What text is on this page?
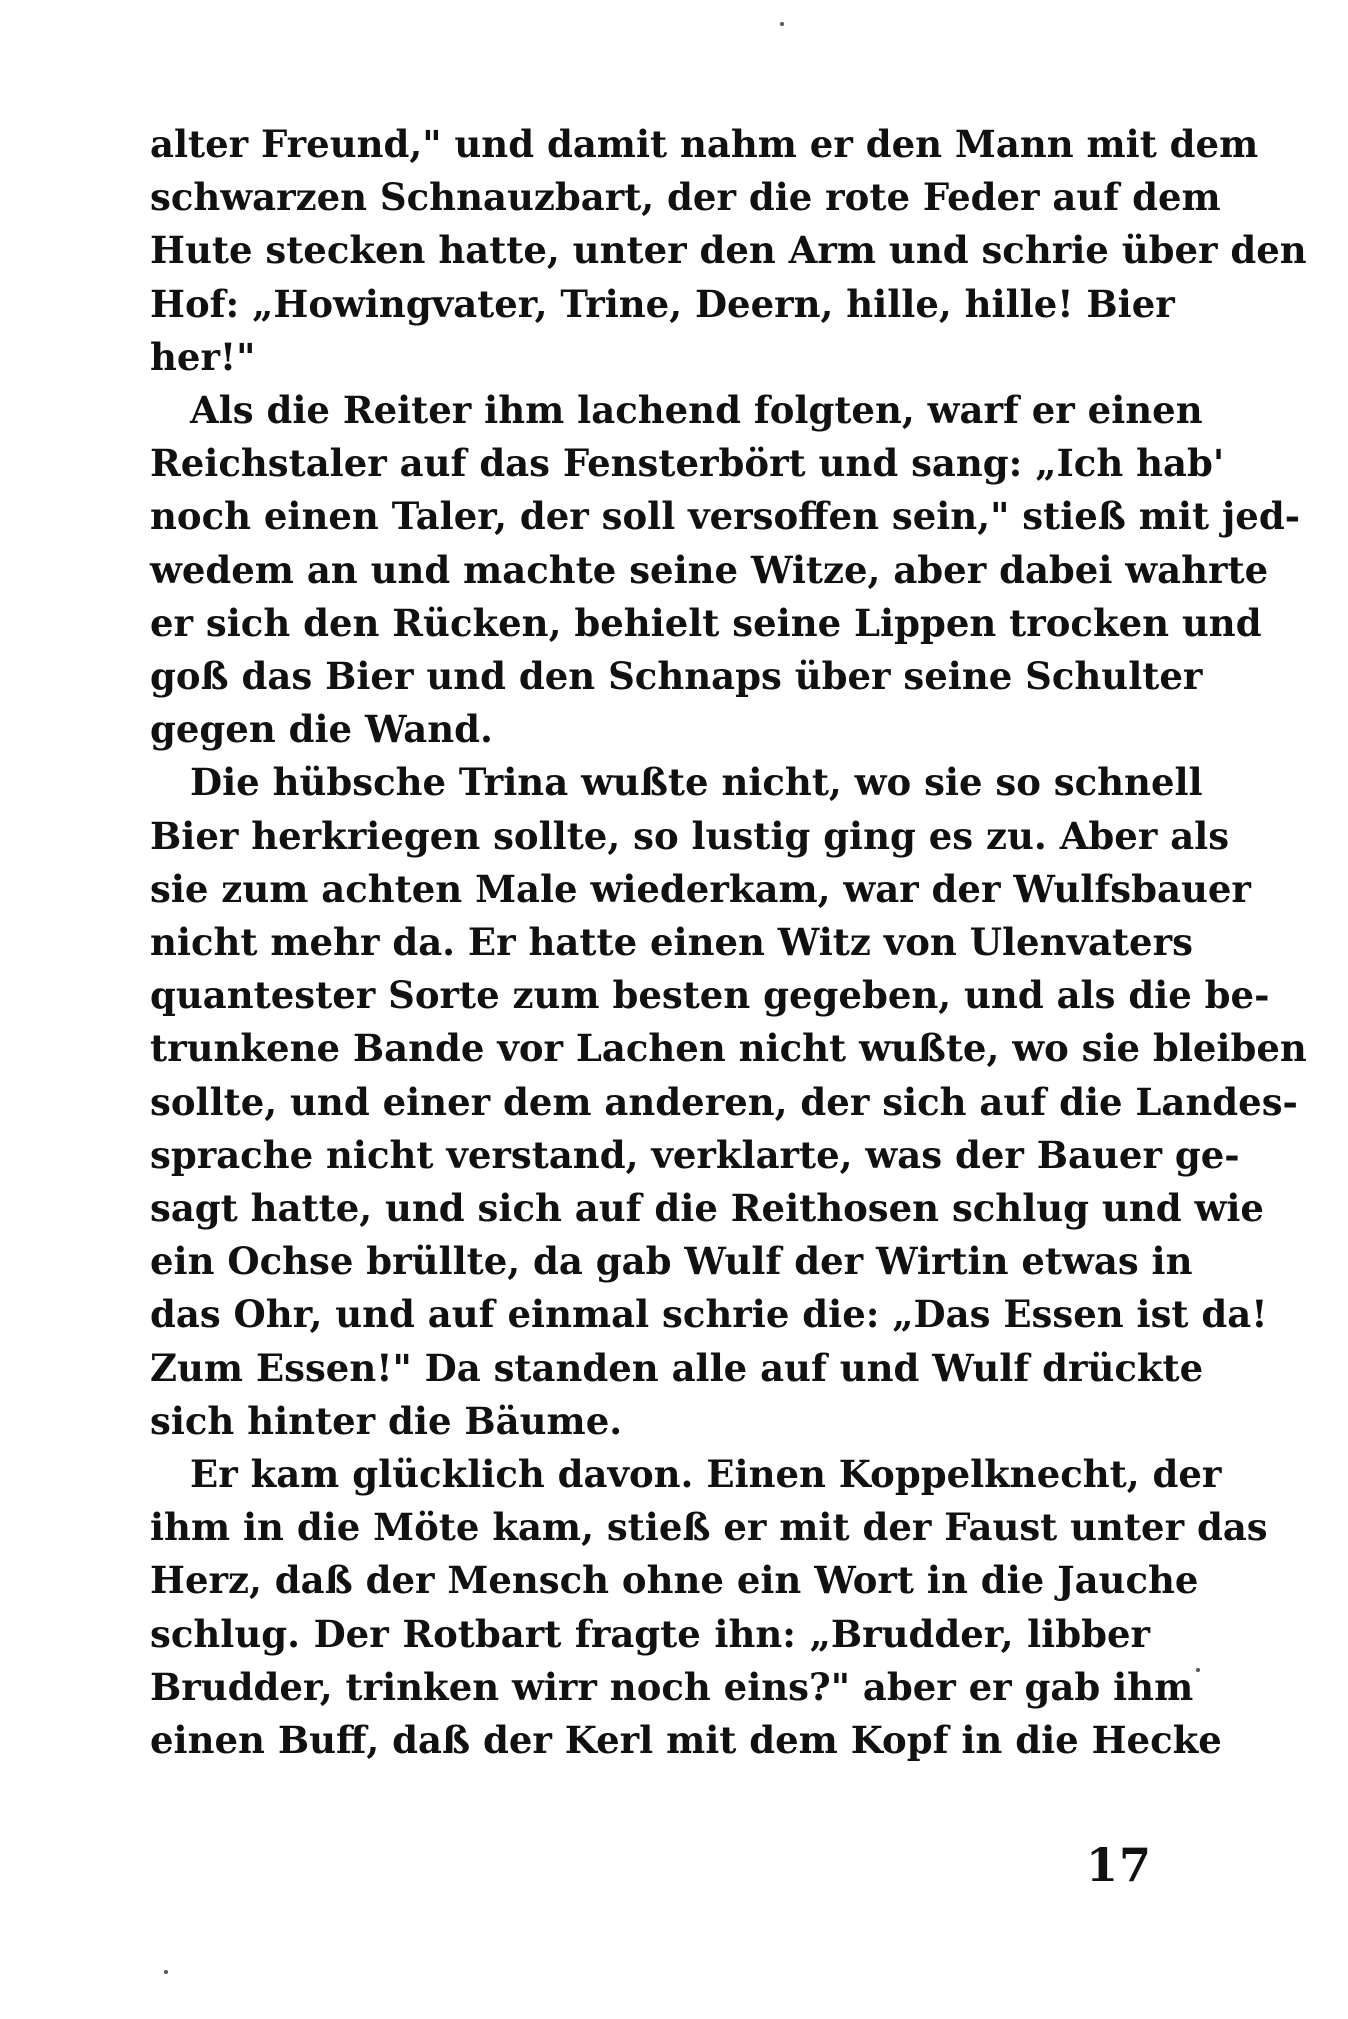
alter Freund," und damit nahm er den Mann mit dem
schwarzen Schnauzbart, der die rote Feder auf dem
Hute stecken hatte, unter den Arm und schrie über den
Hof: „Howingvater, Trine, Deern, hille, hille! Bier
her!"

Als die Reiter ihm lachend folgten, warf er einen
Reichstaler auf das Fensterbört und sang: „Ich hab'
noch einen Taler, der soll versoffen sein," stieß mit jed-
wedem an und machte seine Witze, aber dabei wahrte
er sich den Rücken, behielt seine Lippen trocken und
goß das Bier und den Schnaps über seine Schulter
gegen die Wand.

Die hübsche Trina wußte nicht, wo sie so schnell
Bier herkriegen sollte, so lustig ging es zu. Aber als
sie zum achten Male wiederkam, war der Wulfsbauer
nicht mehr da. Er hatte einen Witz von Ulenvaters
quantester Sorte zum besten gegeben, und als die be-
trunkene Bande vor Lachen nicht wußte, wo sie bleiben
sollte, und einer dem anderen, der sich auf die Landes-
sprache nicht verstand, verklarte, was der Bauer ge-
sagt hatte, und sich auf die Reithosen schlug und wie
ein Ochse brüllte, da gab Wulf der Wirtin etwas in
das Ohr, und auf einmal schrie die: „Das Essen ist da!
Zum Essen!" Da standen alle auf und Wulf drückte
sich hinter die Bäume.

Er kam glücklich davon. Einen Koppelknecht, der
ihm in die Möte kam, stieß er mit der Faust unter das
Herz, daß der Mensch ohne ein Wort in die Jauche
schlug. Der Rotbart fragte ihn: „Brudder, libber
Brudder, trinken wirr noch eins?" aber er gab ihm
einen Buff, daß der Kerl mit dem Kopf in die Hecke

17
